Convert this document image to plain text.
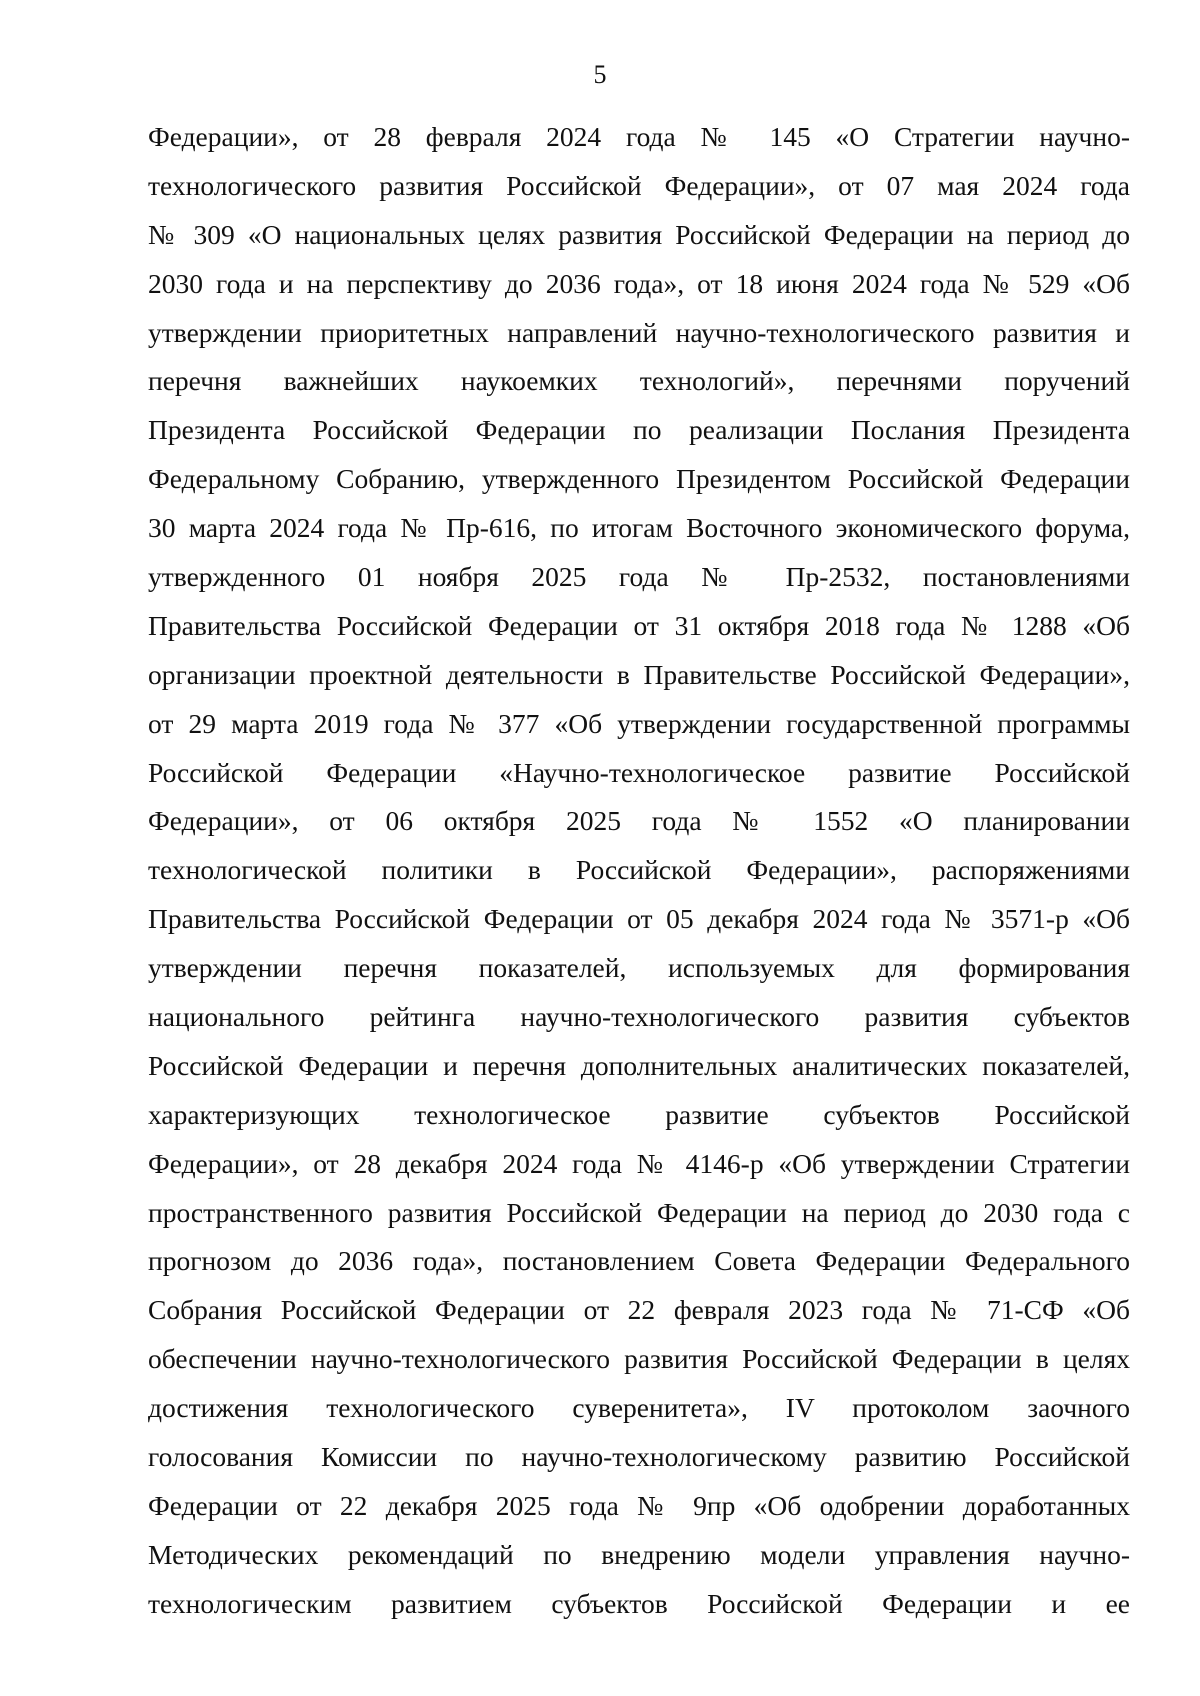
5
Федерации», от 28 февраля 2024 года № 145 «О Стратегии научно-
технологического развития Российской Федерации», от 07 мая 2024 года
№ 309 «О национальных целях развития Российской Федерации на период до
2030 года и на перспективу до 2036 года», от 18 июня 2024 года № 529 «Об
утверждении приоритетных направлений научно-технологического развития и
перечня важнейших наукоемких технологий», перечнями поручений
Президента Российской Федерации по реализации Послания Президента
Федеральному Собранию, утвержденного Президентом Российской Федерации
30 марта 2024 года № Пр-616, по итогам Восточного экономического форума,
утвержденного 01 ноября 2025 года № Пр-2532, постановлениями
Правительства Российской Федерации от 31 октября 2018 года № 1288 «Об
организации проектной деятельности в Правительстве Российской Федерации»,
от 29 марта 2019 года № 377 «Об утверждении государственной программы
Российской Федерации «Научно-технологическое развитие Российской
Федерации», от 06 октября 2025 года № 1552 «О планировании
технологической политики в Российской Федерации», распоряжениями
Правительства Российской Федерации от 05 декабря 2024 года № 3571-р «Об
утверждении перечня показателей, используемых для формирования
национального рейтинга научно-технологического развития субъектов
Российской Федерации и перечня дополнительных аналитических показателей,
характеризующих технологическое развитие субъектов Российской
Федерации», от 28 декабря 2024 года № 4146-р «Об утверждении Стратегии
пространственного развития Российской Федерации на период до 2030 года с
прогнозом до 2036 года», постановлением Совета Федерации Федерального
Собрания Российской Федерации от 22 февраля 2023 года № 71-СФ «Об
обеспечении научно-технологического развития Российской Федерации в целях
достижения технологического суверенитета», IV протоколом заочного
голосования Комиссии по научно-технологическому развитию Российской
Федерации от 22 декабря 2025 года № 9пр «Об одобрении доработанных
Методических рекомендаций по внедрению модели управления научно-
технологическим развитием субъектов Российской Федерации и ее
